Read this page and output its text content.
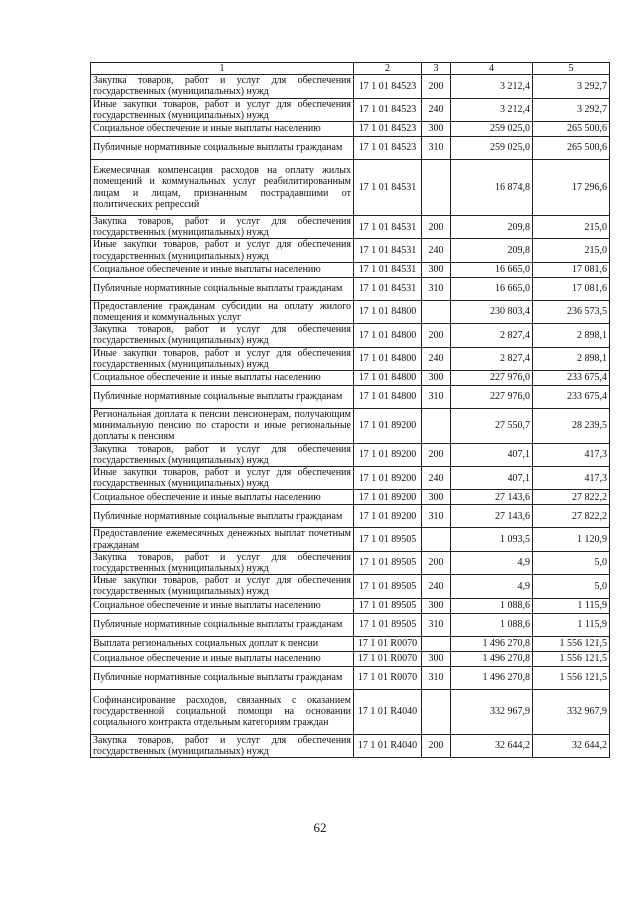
1	2	3	4	5
Закупка товаров, работ и услуг для обеспечения государственных (муниципальных) нужд	17 1 01 84523	200	3 212,4	3 292,7
Иные закупки товаров, работ и услуг для обеспечения государственных (муниципальных) нужд	17 1 01 84523	240	3 212,4	3 292,7
Социальное обеспечение и иные выплаты населению	17 1 01 84523	300	259 025,0	265 500,6
Публичные нормативные социальные выплаты гражданам	17 1 01 84523	310	259 025,0	265 500,6
Ежемесячная компенсация расходов на оплату жилых помещений и коммунальных услуг реабилитированным лицам и лицам, признанным пострадавшими от политических репрессий	17 1 01 84531		16 874,8	17 296,6
Закупка товаров, работ и услуг для обеспечения государственных (муниципальных) нужд	17 1 01 84531	200	209,8	215,0
Иные закупки товаров, работ и услуг для обеспечения государственных (муниципальных) нужд	17 1 01 84531	240	209,8	215,0
Социальное обеспечение и иные выплаты населению	17 1 01 84531	300	16 665,0	17 081,6
Публичные нормативные социальные выплаты гражданам	17 1 01 84531	310	16 665,0	17 081,6
Предоставление гражданам субсидии на оплату жилого помещения и коммунальных услуг	17 1 01 84800		230 803,4	236 573,5
Закупка товаров, работ и услуг для обеспечения государственных (муниципальных) нужд	17 1 01 84800	200	2 827,4	2 898,1
Иные закупки товаров, работ и услуг для обеспечения государственных (муниципальных) нужд	17 1 01 84800	240	2 827,4	2 898,1
Социальное обеспечение и иные выплаты населению	17 1 01 84800	300	227 976,0	233 675,4
Публичные нормативные социальные выплаты гражданам	17 1 01 84800	310	227 976,0	233 675,4
Региональная доплата к пенсии пенсионерам, получающим минимальную пенсию по старости и иные региональные доплаты к пенсиям	17 1 01 89200		27 550,7	28 239,5
Закупка товаров, работ и услуг для обеспечения государственных (муниципальных) нужд	17 1 01 89200	200	407,1	417,3
Иные закупки товаров, работ и услуг для обеспечения государственных (муниципальных) нужд	17 1 01 89200	240	407,1	417,3
Социальное обеспечение и иные выплаты населению	17 1 01 89200	300	27 143,6	27 822,2
Публичные нормативные социальные выплаты гражданам	17 1 01 89200	310	27 143,6	27 822,2
Предоставление ежемесячных денежных выплат почетным гражданам	17 1 01 89505		1 093,5	1 120,9
Закупка товаров, работ и услуг для обеспечения государственных (муниципальных) нужд	17 1 01 89505	200	4,9	5,0
Иные закупки товаров, работ и услуг для обеспечения государственных (муниципальных) нужд	17 1 01 89505	240	4,9	5,0
Социальное обеспечение и иные выплаты населению	17 1 01 89505	300	1 088,6	1 115,9
Публичные нормативные социальные выплаты гражданам	17 1 01 89505	310	1 088,6	1 115,9
Выплата региональных социальных доплат к пенсии	17 1 01 R0070		1 496 270,8	1 556 121,5
Социальное обеспечение и иные выплаты населению	17 1 01 R0070	300	1 496 270,8	1 556 121,5
Публичные нормативные социальные выплаты гражданам	17 1 01 R0070	310	1 496 270,8	1 556 121,5
Софинансирование расходов, связанных с оказанием государственной социальной помощи на основании социального контракта отдельным категориям граждан	17 1 01 R4040		332 967,9	332 967,9
Закупка товаров, работ и услуг для обеспечения государственных (муниципальных) нужд	17 1 01 R4040	200	32 644,2	32 644,2
62
